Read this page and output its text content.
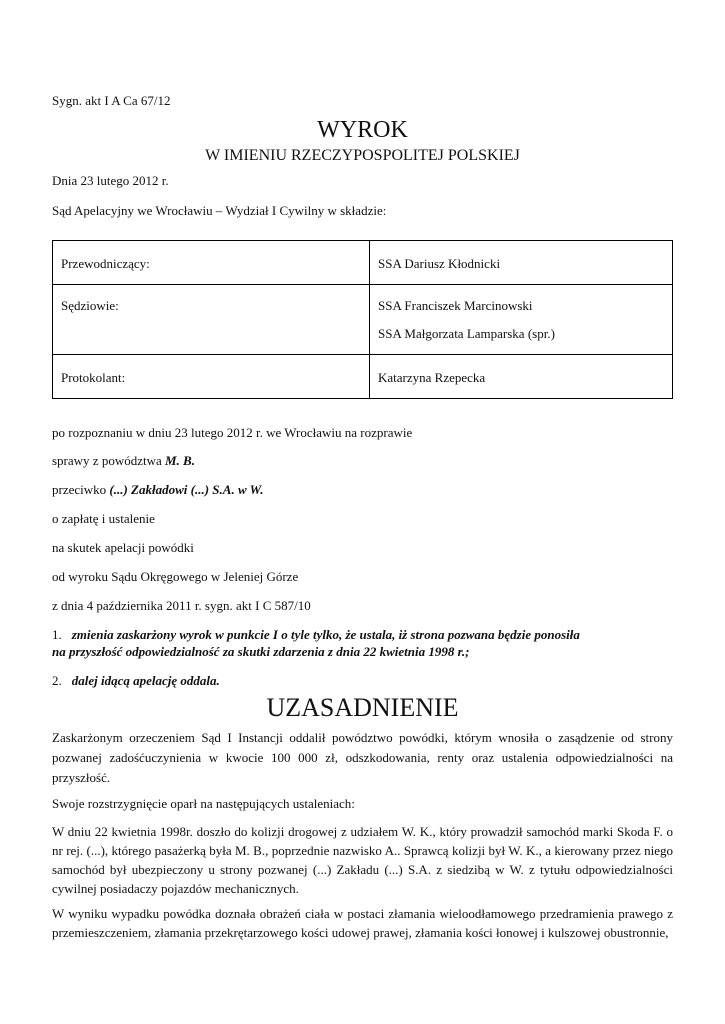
Sygn. akt I A Ca 67/12
WYROK
W IMIENIU RZECZYPOSPOLITEJ POLSKIEJ
Dnia 23 lutego 2012 r.
Sąd Apelacyjny we Wrocławiu – Wydział I Cywilny w składzie:
Przewodniczący:	SSA Dariusz Kłodnicki

Sędziowie:	SSA Franciszek Marcinowski
SSA Małgorzata Lamparska (spr.)

Protokolant:	Katarzyna Rzepecka
po rozpoznaniu w dniu 23 lutego 2012 r. we Wrocławiu na rozprawie
sprawy z powództwa M. B.
przeciwko (...) Zakładowi (...) S.A. w W.
o zapłatę i ustalenie
na skutek apelacji powódki
od wyroku Sądu Okręgowego w Jeleniej Górze
z dnia 4 października 2011 r. sygn. akt I C 587/10
1. zmienia zaskarżony wyrok w punkcie I o tyle tylko, że ustala, iż strona pozwana będzie ponosiła
na przyszłość odpowiedzialność za skutki zdarzenia z dnia 22 kwietnia 1998 r.;
2. dalej idącą apelację oddala.
UZASADNIENIE
Zaskarżonym orzeczeniem Sąd I Instancji oddalił powództwo powódki, którym wnosiła o zasądzenie od strony pozwanej zadośćuczynienia w kwocie 100 000 zł, odszkodowania, renty oraz ustalenia odpowiedzialności na przyszłość.
Swoje rozstrzygnięcie oparł na następujących ustaleniach:
W dniu 22 kwietnia 1998r. doszło do kolizji drogowej z udziałem W. K., który prowadził samochód marki Skoda F. o nr rej. (...), którego pasażerką była M. B., poprzednie nazwisko A.. Sprawcą kolizji był W. K., a kierowany przez niego samochód był ubezpieczony u strony pozwanej (...) Zakładu (...) S.A. z siedzibą w W. z tytułu odpowiedzialności cywilnej posiadaczy pojazdów mechanicznych.
W wyniku wypadku powódka doznała obrażeń ciała w postaci złamania wieloodłamowego przedramienia prawego z przemieszczeniem, złamania przekrętarzowego kości udowej prawej, złamania kości łonowej i kulszowej obustronnie,
